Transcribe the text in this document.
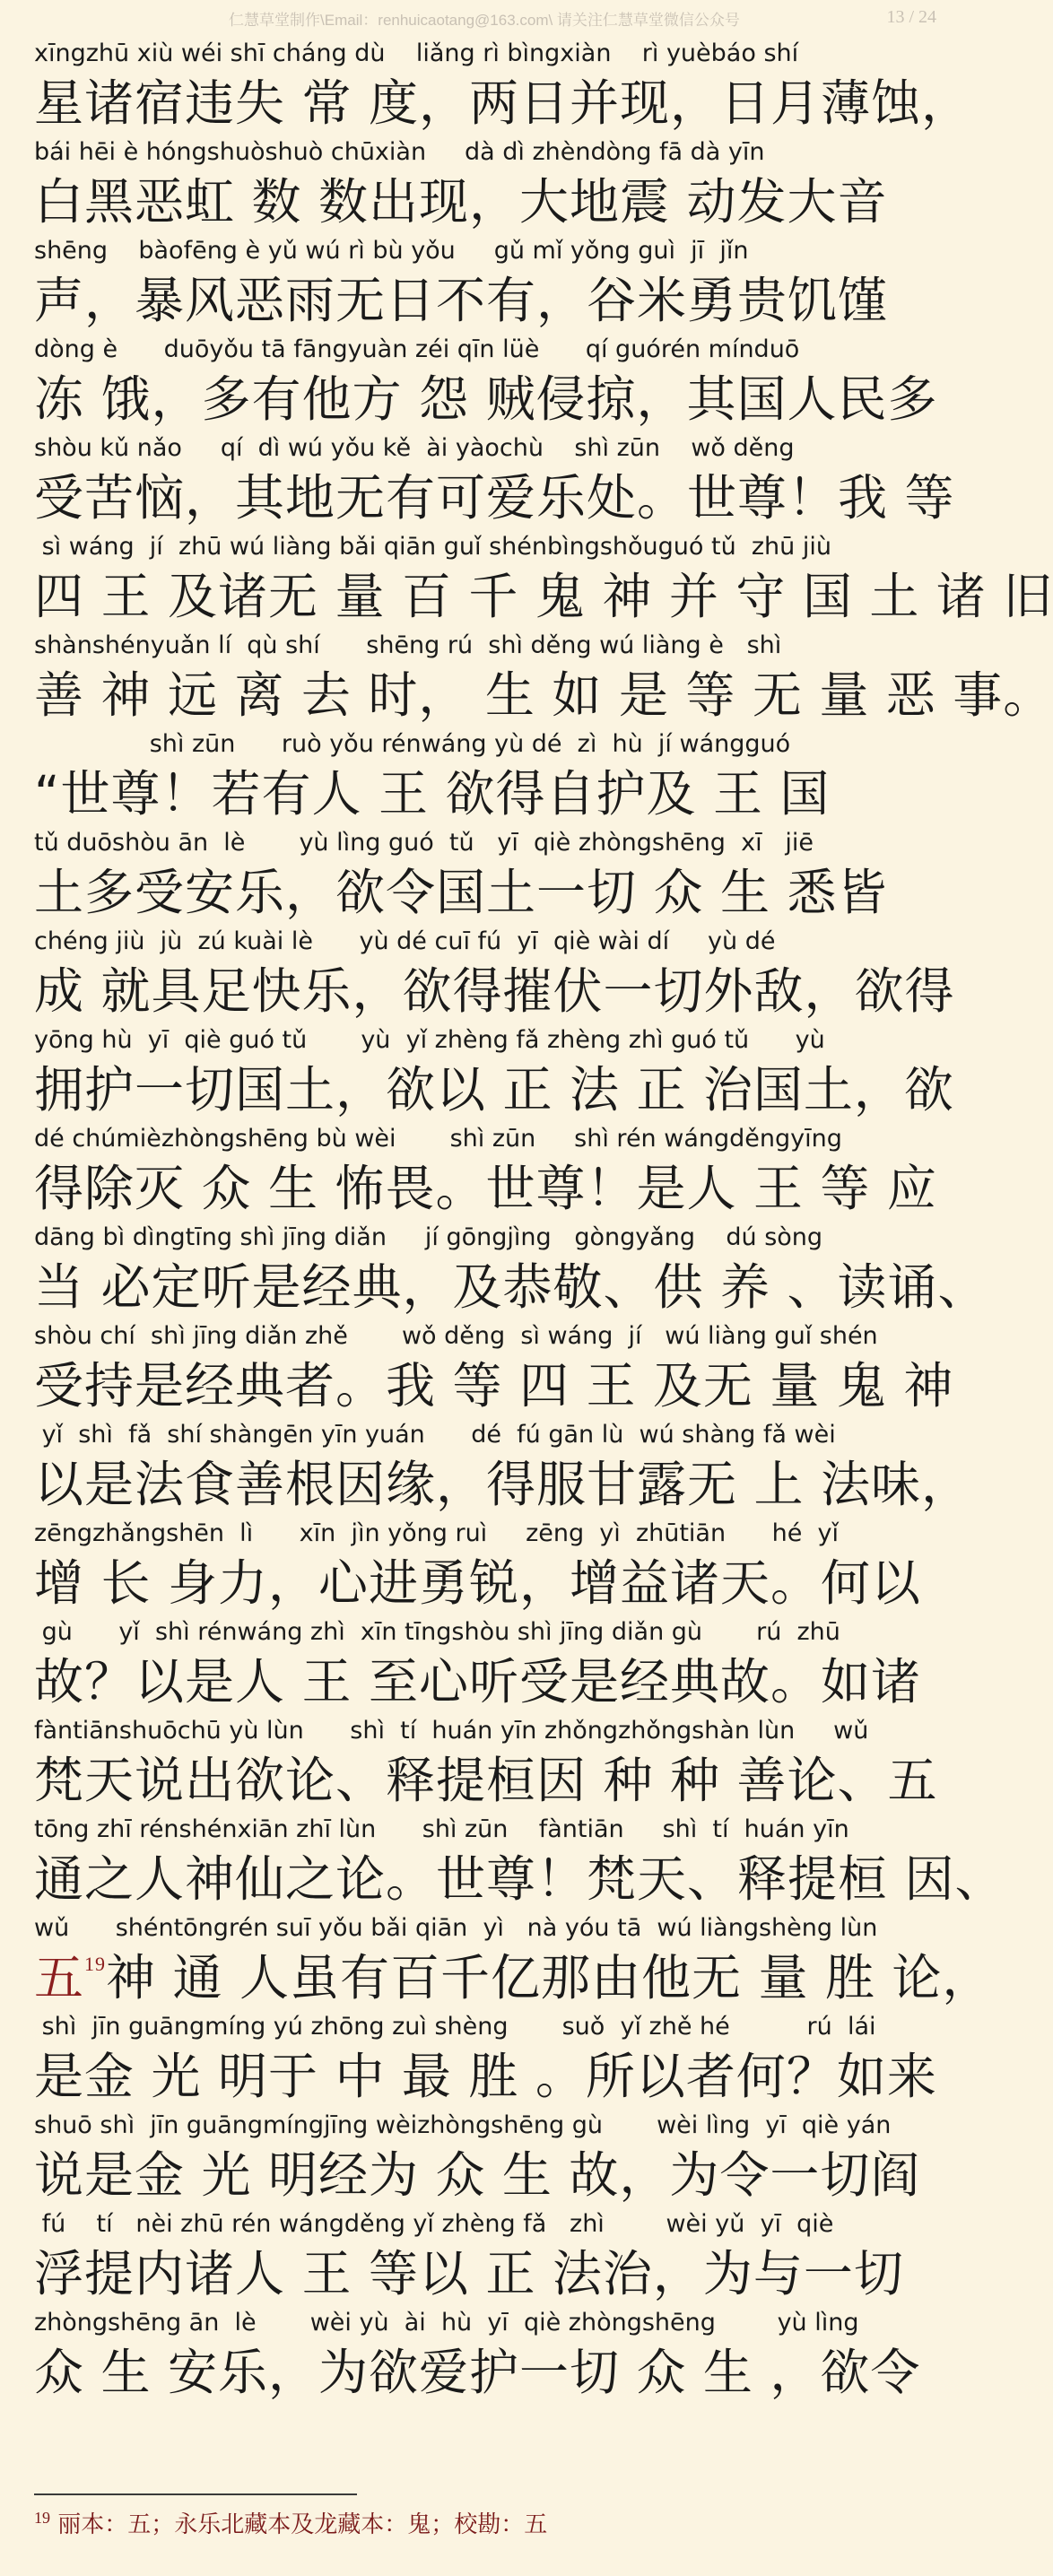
仁慧草堂制作\Email：renhuicaotang@163.com\ 请关注仁慧草堂微信公众号	13 / 24
xīngzhū xiù wéi shī cháng dù    liǎng rì bìngxiàn    rì yuèbáo shí
星诸宿违失 常 度，两日并现，日月薄蚀，
bái hēi è hóngshuòshuò chūxiàn     dà dì zhèndòng fā dà yīn
白黑恶虹 数 数出现，大地震 动发大音
shēng    bàofēng è yǔ wú rì bù yǒu     gǔ mǐ yǒng guì  jī  jǐn
声，暴风恶雨无日不有，谷米勇贵饥馑
dòng è      duōyǒu tā fāngyuàn zéi qīn lüè      qí guórén mínduō
冻 饿，多有他方 怨 贼侵掠，其国人民多
shòu kǔ nǎo     qí  dì wú yǒu kě  ài yàochù    shì zūn    wǒ děng
受苦恼，其地无有可爱乐处。世尊！我 等
sì wáng  jí  zhū wú liàng bǎi qiān guǐ shénbìngshǒuguó tǔ  zhū jiù
四 王 及诸无 量 百 千 鬼 神 并 守 国 土 诸 旧
shànshényuǎn lí  qù shí      shēng rú  shì děng wú liàng è   shì
善 神 远 离 去 时， 生 如 是 等 无 量 恶 事。
shì zūn      ruò yǒu rénwáng yù dé  zì  hù  jí wángguó
“世尊！若有人 王 欲得自护及 王 国
tǔ duōshòu ān  lè       yù lìng guó  tǔ   yī  qiè zhòngshēng  xī   jiē
土多受安乐，欲令国土一切 众 生 悉皆
chéng jiù  jù  zú kuài lè      yù dé cuī fú  yī  qiè wài dí     yù dé
成 就具足快乐，欲得摧伏一切外敌，欲得
yōng hù  yī  qiè guó tǔ       yù  yǐ zhèng fǎ zhèng zhì guó tǔ      yù
拥护一切国土，欲以 正 法 正 治国土，欲
dé chúmièzhòngshēng bù wèi       shì zūn     shì rén wángděngyīng
得除灭 众 生 怖畏。世尊！是人 王 等 应
dāng bì dìngtīng shì jīng diǎn     jí gōngjìng   gòngyǎng    dú sòng
当 必定听是经典，及恭敬、供 养 、读诵、
shòu chí  shì jīng diǎn zhě       wǒ děng  sì wáng  jí   wú liàng guǐ shén
受持是经典者。我 等 四 王 及无 量 鬼 神
yǐ  shì  fǎ  shí shàngēn yīn yuán      dé  fú gān lù  wú shàng fǎ wèi
以是法食善根因缘，得服甘露无 上 法味，
zēngzhǎngshēn  lì      xīn  jìn yǒng ruì     zēng  yì  zhūtiān      hé  yǐ
增 长 身力，心进勇锐，增益诸天。何以
gù      yǐ  shì rénwáng zhì  xīn tīngshòu shì jīng diǎn gù       rú  zhū
故？以是人 王 至心听受是经典故。如诸
fàntiānshuōchū yù lùn      shì  tí  huán yīn zhǒngzhǒngshàn lùn     wǔ
梵天说出欲论、释提桓因 种 种 善论、五
tōng zhī rénshénxiān zhī lùn      shì zūn    fàntiān     shì  tí  huán yīn
通之人神仙之论。世尊！梵天、释提桓 因、
wǔ      shéntōngrén suī yǒu bǎi qiān  yì   nà yóu tā  wú liàngshèng lùn
五$^{19}$神 通 人虽有百千亿那由他无 量 胜 论，
shì  jīn guāngmíng yú zhōng zuì shèng       suǒ  yǐ zhě hé          rú  lái
是金 光 明于 中 最 胜 。所以者何？如来
shuō shì  jīn guāngmíngjīng wèizhòngshēng gù       wèi lìng  yī  qiè yán
说是金 光 明经为 众 生 故，为令一切阎
fú    tí   nèi zhū rén wángděng yǐ zhèng fǎ   zhì        wèi yǔ  yī  qiè
浮提内诸人 王 等以 正 法治，为与一切
zhòngshēng ān  lè       wèi yù  ài  hù  yī  qiè zhòngshēng        yù lìng
众 生 安乐，为欲爱护一切 众 生 ，欲令
$^{19}$ 丽本：五；永乐北藏本及龙藏本：鬼；校勘：五
